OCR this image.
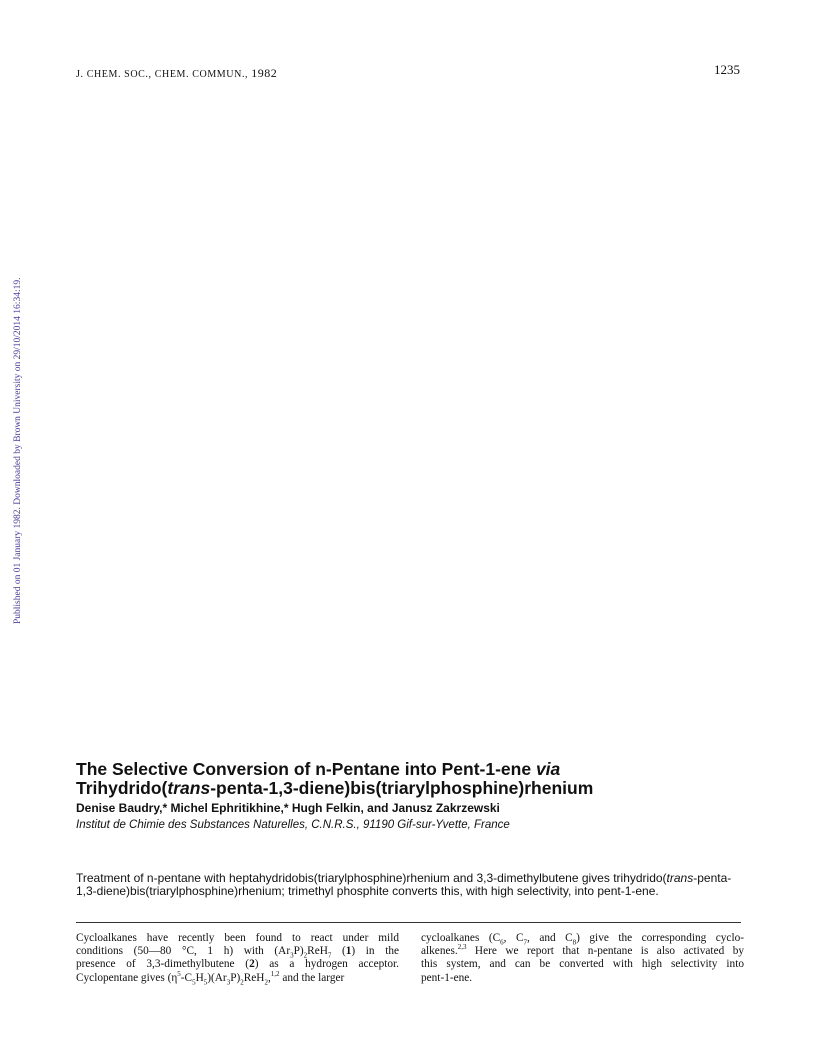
J. CHEM. SOC., CHEM. COMMUN., 1982	1235
Published on 01 January 1982. Downloaded by Brown University on 29/10/2014 16:34:19.
The Selective Conversion of n-Pentane into Pent-1-ene via
Trihydrido(trans-penta-1,3-diene)bis(triarylphosphine)rhenium
Denise Baudry,* Michel Ephritikhine,* Hugh Felkin, and Janusz Zakrzewski
Institut de Chimie des Substances Naturelles, C.N.R.S., 91190 Gif-sur-Yvette, France

Treatment of n-pentane with heptahydridobis(triarylphosphine)rhenium and 3,3-dimethylbutene gives trihydrido(trans-penta-1,3-diene)bis(triarylphosphine)rhenium; trimethyl phosphite converts this, with high selectivity, into pent-1-ene.

Cycloalkanes have recently been found to react under mild
conditions (50—80 °C, 1 h) with $(Ar_3P)_2ReH_7$ (1) in the
presence of 3,3-dimethylbutene (2) as a hydrogen acceptor.
Cyclopentane gives $(\eta^5-C_5H_5)(Ar_3P)_2ReH_2,^{1,2}$ and the larger

cycloalkanes ($C_6$, $C_7$, and $C_8$) give the corresponding cyclo-
alkenes.$^{2,3}$ Here we report that n-pentane is also activated by
this system, and can be converted with high selectivity into
pent-1-ene.
